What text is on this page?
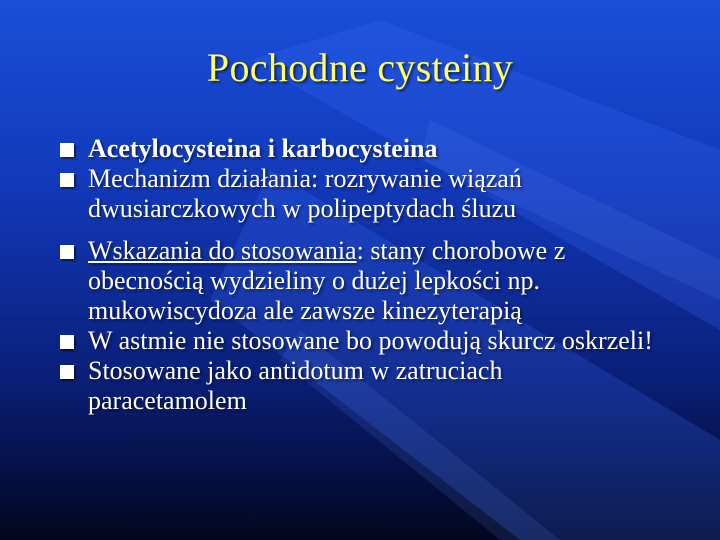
Pochodne cysteiny
Acetylocysteina i karbocysteina
Mechanizm działania: rozrywanie wiązań dwusiarczkowych w polipeptydach śluzu
Wskazania do stosowania: stany chorobowe z obecnością wydzieliny o dużej lepkości np. mukowiscydoza ale zawsze kinezyterapią
W astmie nie stosowane bo powodują skurcz oskrzeli!
Stosowane jako antidotum w zatruciach paracetamolem
